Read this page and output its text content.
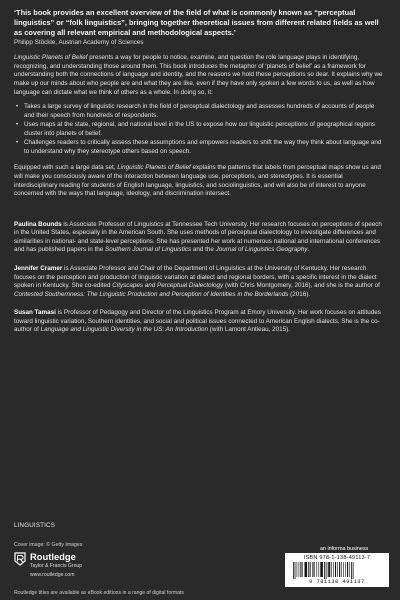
‘This book provides an excellent overview of the field of what is commonly known as “perceptual linguistics” or “folk linguistics”, bringing together theoretical issues from different related fields as well as covering all relevant empirical and methodological aspects.’

Philipp Stöckle, Austrian Academy of Sciences

Linguistic Planets of Belief presents a way for people to notice, examine, and question the role language plays in identifying, recognizing, and understanding those around them. This book introduces the metaphor of ‘planets of belief’ as a framework for understanding both the connections of language and identity, and the reasons we hold these perceptions so dear. It explains why we make up our minds about who people are and what they are like, even if they have only spoken a few words to us, as well as how language can dictate what we think of others as a whole. In doing so, it:

• Takes a large survey of linguistic research in the field of perceptual dialectology and assesses hundreds of accounts of people and their speech from hundreds of respondents.
• Uses maps at the state, regional, and national level in the US to expose how our linguistic perceptions of geographical regions cluster into planets of belief.
• Challenges readers to critically assess these assumptions and empowers readers to shift the way they think about language and to understand why they stereotype others based on speech.

Equipped with such a large data set, Linguistic Planets of Belief explains the patterns that labels from perceptual maps show us and will make you consciously aware of the interaction between language use, perceptions, and stereotypes. It is essential interdisciplinary reading for students of English language, linguistics, and sociolinguistics, and will also be of interest to anyone concerned with the ways that language, ideology, and discrimination intersect.

Paulina Bounds is Associate Professor of Linguistics at Tennessee Tech University. Her research focuses on perceptions of speech in the United States, especially in the American South. She uses methods of perceptual dialectology to investigate differences and similarities in national- and state-level perceptions. She has presented her work at numerous national and international conferences and has published papers in the Southern Journal of Linguistics and the Journal of Linguistics Geography.

Jennifer Cramer is Associate Professor and Chair of the Department of Linguistics at the University of Kentucky. Her research focuses on the perception and production of linguistic variation at dialect and regional borders, with a specific interest in the dialect spoken in Kentucky. She co-edited Cityscapes and Perceptual Dialectology (with Chris Montgomery, 2016), and she is the author of Contested Southernness: The Linguistic Production and Perception of Identities in the Borderlands (2016).

Susan Tamasi is Professor of Pedagogy and Director of the Linguistics Program at Emory University. Her work focuses on attitudes toward linguistic variation, Southern identities, and social and political issues connected to American English dialects. She is the co-author of Language and Linguistic Diversity in the US: An Introduction (with Lamont Antieau, 2015).

LINGUISTICS
Cover image: © Getty Images
Routledge
Taylor & Francis Group
www.routledge.com
Routledge titles are available as eBook editions in a range of digital formats
an informa business
ISBN 978-1-138-49113-7
9 781138 491137
